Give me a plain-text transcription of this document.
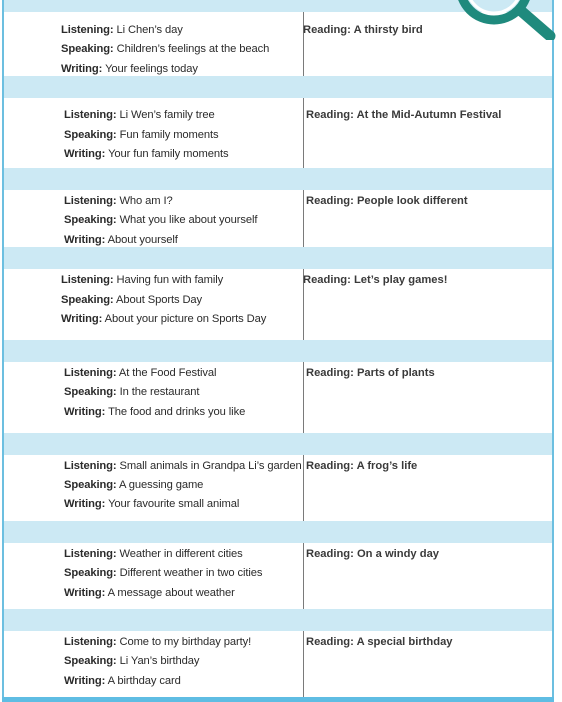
Listening: Li Chen’s day
Speaking: Children’s feelings at the beach
Writing: Your feelings today
Reading: A thirsty bird
Listening: Li Wen’s family tree
Speaking: Fun family moments
Writing: Your fun family moments
Reading: At the Mid-Autumn Festival
Listening: Who am I?
Speaking: What you like about yourself
Writing: About yourself
Reading: People look different
Listening: Having fun with family
Speaking: About Sports Day
Writing: About your picture on Sports Day
Reading: Let’s play games!
Listening: At the Food Festival
Speaking: In the restaurant
Writing: The food and drinks you like
Reading: Parts of plants
Listening: Small animals in Grandpa Li’s garden
Speaking: A guessing game
Writing: Your favourite small animal
Reading: A frog’s life
Listening: Weather in different cities
Speaking: Different weather in two cities
Writing: A message about weather
Reading: On a windy day
Listening: Come to my birthday party!
Speaking: Li Yan’s birthday
Writing: A birthday card
Reading: A special birthday
